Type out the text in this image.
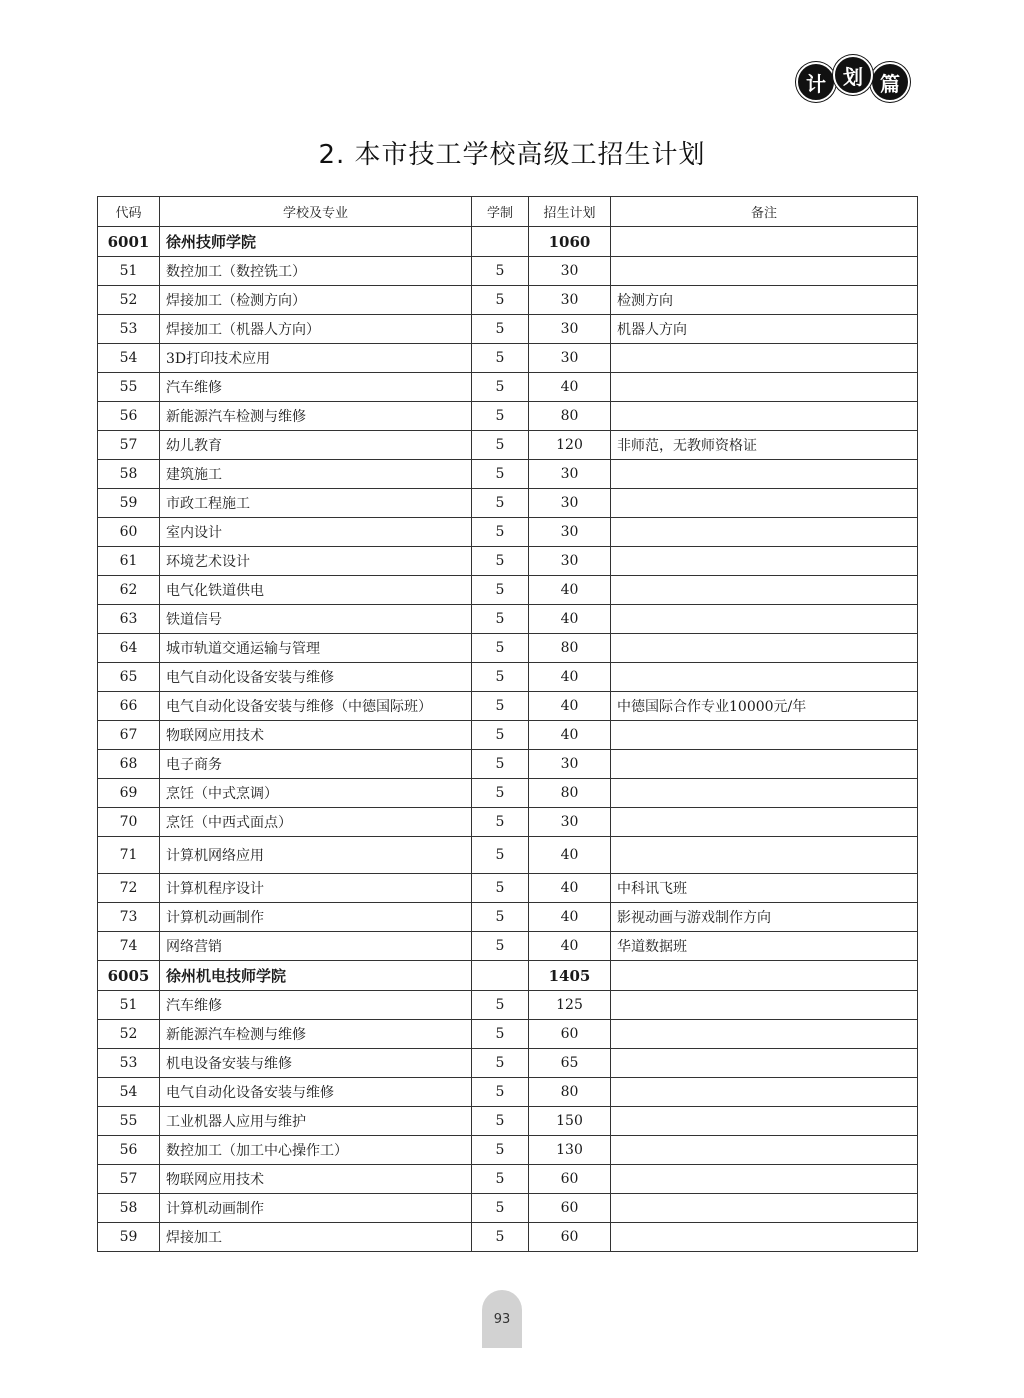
计 划 篇
2. 本市技工学校高级工招生计划
代码	学校及专业	学制	招生计划	备注
6001	徐州技师学院		1060	
51	数控加工（数控铣工）	5	30	
52	焊接加工（检测方向）	5	30	检测方向
53	焊接加工（机器人方向）	5	30	机器人方向
54	3D打印技术应用	5	30	
55	汽车维修	5	40	
56	新能源汽车检测与维修	5	80	
57	幼儿教育	5	120	非师范，无教师资格证
58	建筑施工	5	30	
59	市政工程施工	5	30	
60	室内设计	5	30	
61	环境艺术设计	5	30	
62	电气化铁道供电	5	40	
63	铁道信号	5	40	
64	城市轨道交通运输与管理	5	80	
65	电气自动化设备安装与维修	5	40	
66	电气自动化设备安装与维修（中德国际班）	5	40	中德国际合作专业10000元/年
67	物联网应用技术	5	40	
68	电子商务	5	30	
69	烹饪（中式烹调）	5	80	
70	烹饪（中西式面点）	5	30	
71	计算机网络应用	5	40	
72	计算机程序设计	5	40	中科讯飞班
73	计算机动画制作	5	40	影视动画与游戏制作方向
74	网络营销	5	40	华道数据班
6005	徐州机电技师学院		1405	
51	汽车维修	5	125	
52	新能源汽车检测与维修	5	60	
53	机电设备安装与维修	5	65	
54	电气自动化设备安装与维修	5	80	
55	工业机器人应用与维护	5	150	
56	数控加工（加工中心操作工）	5	130	
57	物联网应用技术	5	60	
58	计算机动画制作	5	60	
59	焊接加工	5	60	
93
